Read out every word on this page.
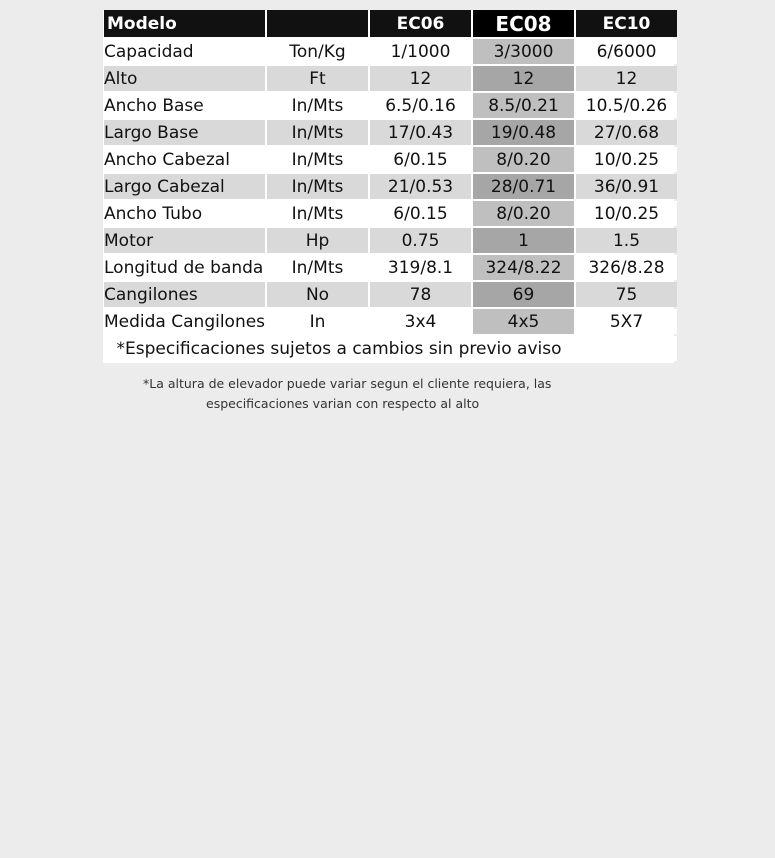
Modelo		EC06	EC08	EC10
Capacidad	Ton/Kg	1/1000	3/3000	6/6000
Alto	Ft	12	12	12
Ancho Base	In/Mts	6.5/0.16	8.5/0.21	10.5/0.26
Largo Base	In/Mts	17/0.43	19/0.48	27/0.68
Ancho Cabezal	In/Mts	6/0.15	8/0.20	10/0.25
Largo Cabezal	In/Mts	21/0.53	28/0.71	36/0.91
Ancho Tubo	In/Mts	6/0.15	8/0.20	10/0.25
Motor	Hp	0.75	1	1.5
Longitud de banda	In/Mts	319/8.1	324/8.22	326/8.28
Cangilones	No	78	69	75
Medida Cangilones	In	3x4	4x5	5X7
*Especificaciones sujetos a cambios sin previo aviso				
*La altura de elevador puede variar segun el cliente requiera, las
especificaciones varian con respecto al alto
